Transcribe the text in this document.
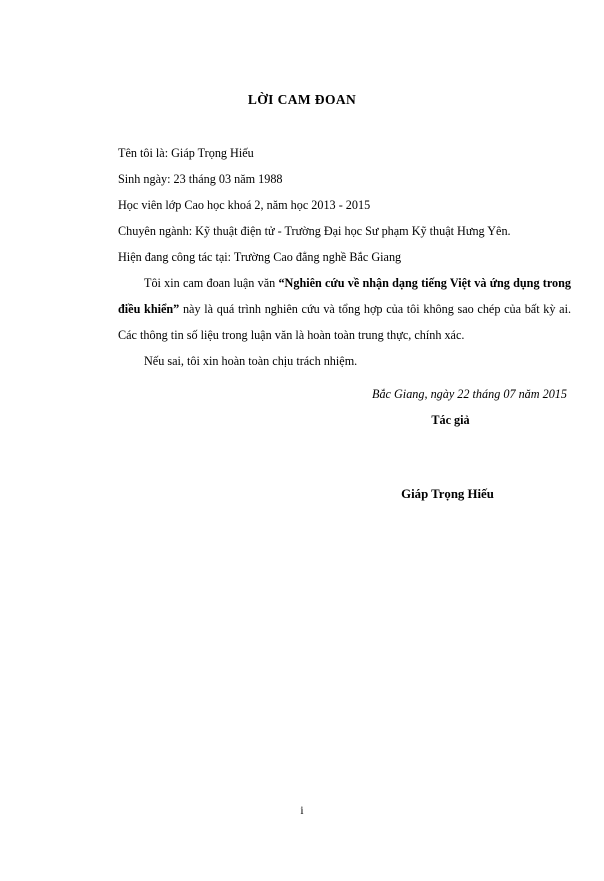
LỜI CAM ĐOAN

Tên tôi là: Giáp Trọng Hiếu

Sinh ngày: 23 tháng 03 năm 1988

Học viên lớp Cao học khoá 2, năm học 2013 - 2015

Chuyên ngành: Kỹ thuật điện tử - Trường Đại học Sư phạm Kỹ thuật Hưng Yên.

Hiện đang công tác tại: Trường Cao đẳng nghề Bắc Giang

Tôi xin cam đoan luận văn “Nghiên cứu về nhận dạng tiếng Việt và ứng dụng trong điều khiển” này là quá trình nghiên cứu và tổng hợp của tôi không sao chép của bất kỳ ai. Các thông tin số liệu trong luận văn là hoàn toàn trung thực, chính xác.

Nếu sai, tôi xin hoàn toàn chịu trách nhiệm.

Bắc Giang, ngày 22 tháng 07 năm 2015

Tác giả

Giáp Trọng Hiếu

i
